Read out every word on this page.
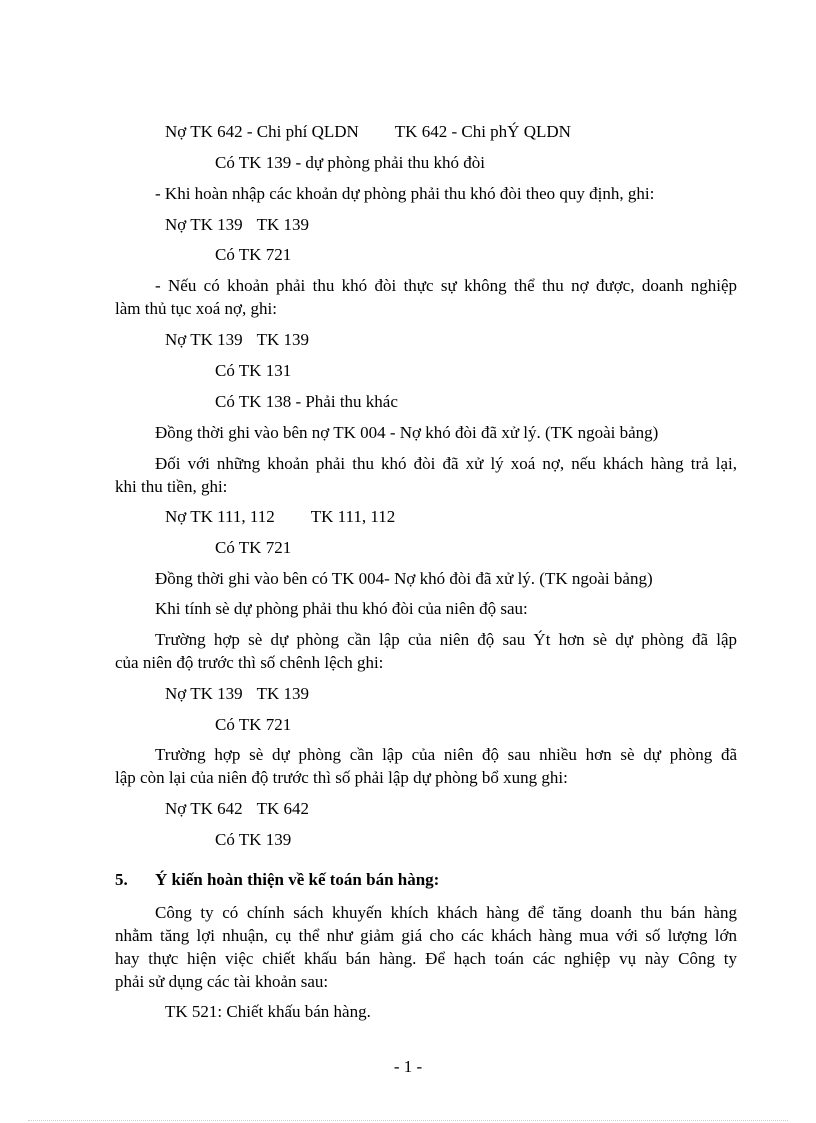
Nợ TK 642 - Chi phí QLDN TK 642 - Chi phÝ QLDN
Có TK 139 - dự phòng phải thu khó đòi
- Khi hoàn nhập các khoản dự phòng phải thu khó đòi theo quy định, ghi:
Nợ TK 139 TK 139
Có TK 721
- Nếu có khoản phải thu khó đòi thực sự không thể thu nợ được, doanh nghiệp
làm thủ tục xoá nợ, ghi:
Nợ TK 139 TK 139
Có TK 131
Có TK 138 - Phải thu khác
Đồng thời ghi vào bên nợ TK 004 - Nợ khó đòi đã xử lý. (TK ngoài bảng)
Đối với những khoản phải thu khó đòi đã xử lý xoá nợ, nếu khách hàng trả lại,
khi thu tiền, ghi:
Nợ TK 111, 112 TK 111, 112
Có TK 721
Đồng thời ghi vào bên có TK 004- Nợ khó đòi đã xử lý. (TK ngoài bảng)
Khi tính sè dự phòng phải thu khó đòi của niên độ sau:
Trường hợp sè dự phòng cần lập của niên độ sau Ýt hơn sè dự phòng đã lập
của niên độ trước thì số chênh lệch ghi:
Nợ TK 139 TK 139
Có TK 721
Trường hợp sè dự phòng cần lập của niên độ sau nhiều hơn sè dự phòng đã
lập còn lại của niên độ trước thì số phải lập dự phòng bổ xung ghi:
Nợ TK 642 TK 642
Có TK 139
5. Ý kiến hoàn thiện về kế toán bán hàng:
Công ty có chính sách khuyến khích khách hàng để tăng doanh thu bán hàng
nhằm tăng lợi nhuận, cụ thể như giảm giá cho các khách hàng mua với số lượng lớn
hay thực hiện việc chiết khấu bán hàng. Để hạch toán các nghiệp vụ này Công ty
phải sử dụng các tài khoản sau:
TK 521: Chiết khấu bán hàng.
- 1 -
